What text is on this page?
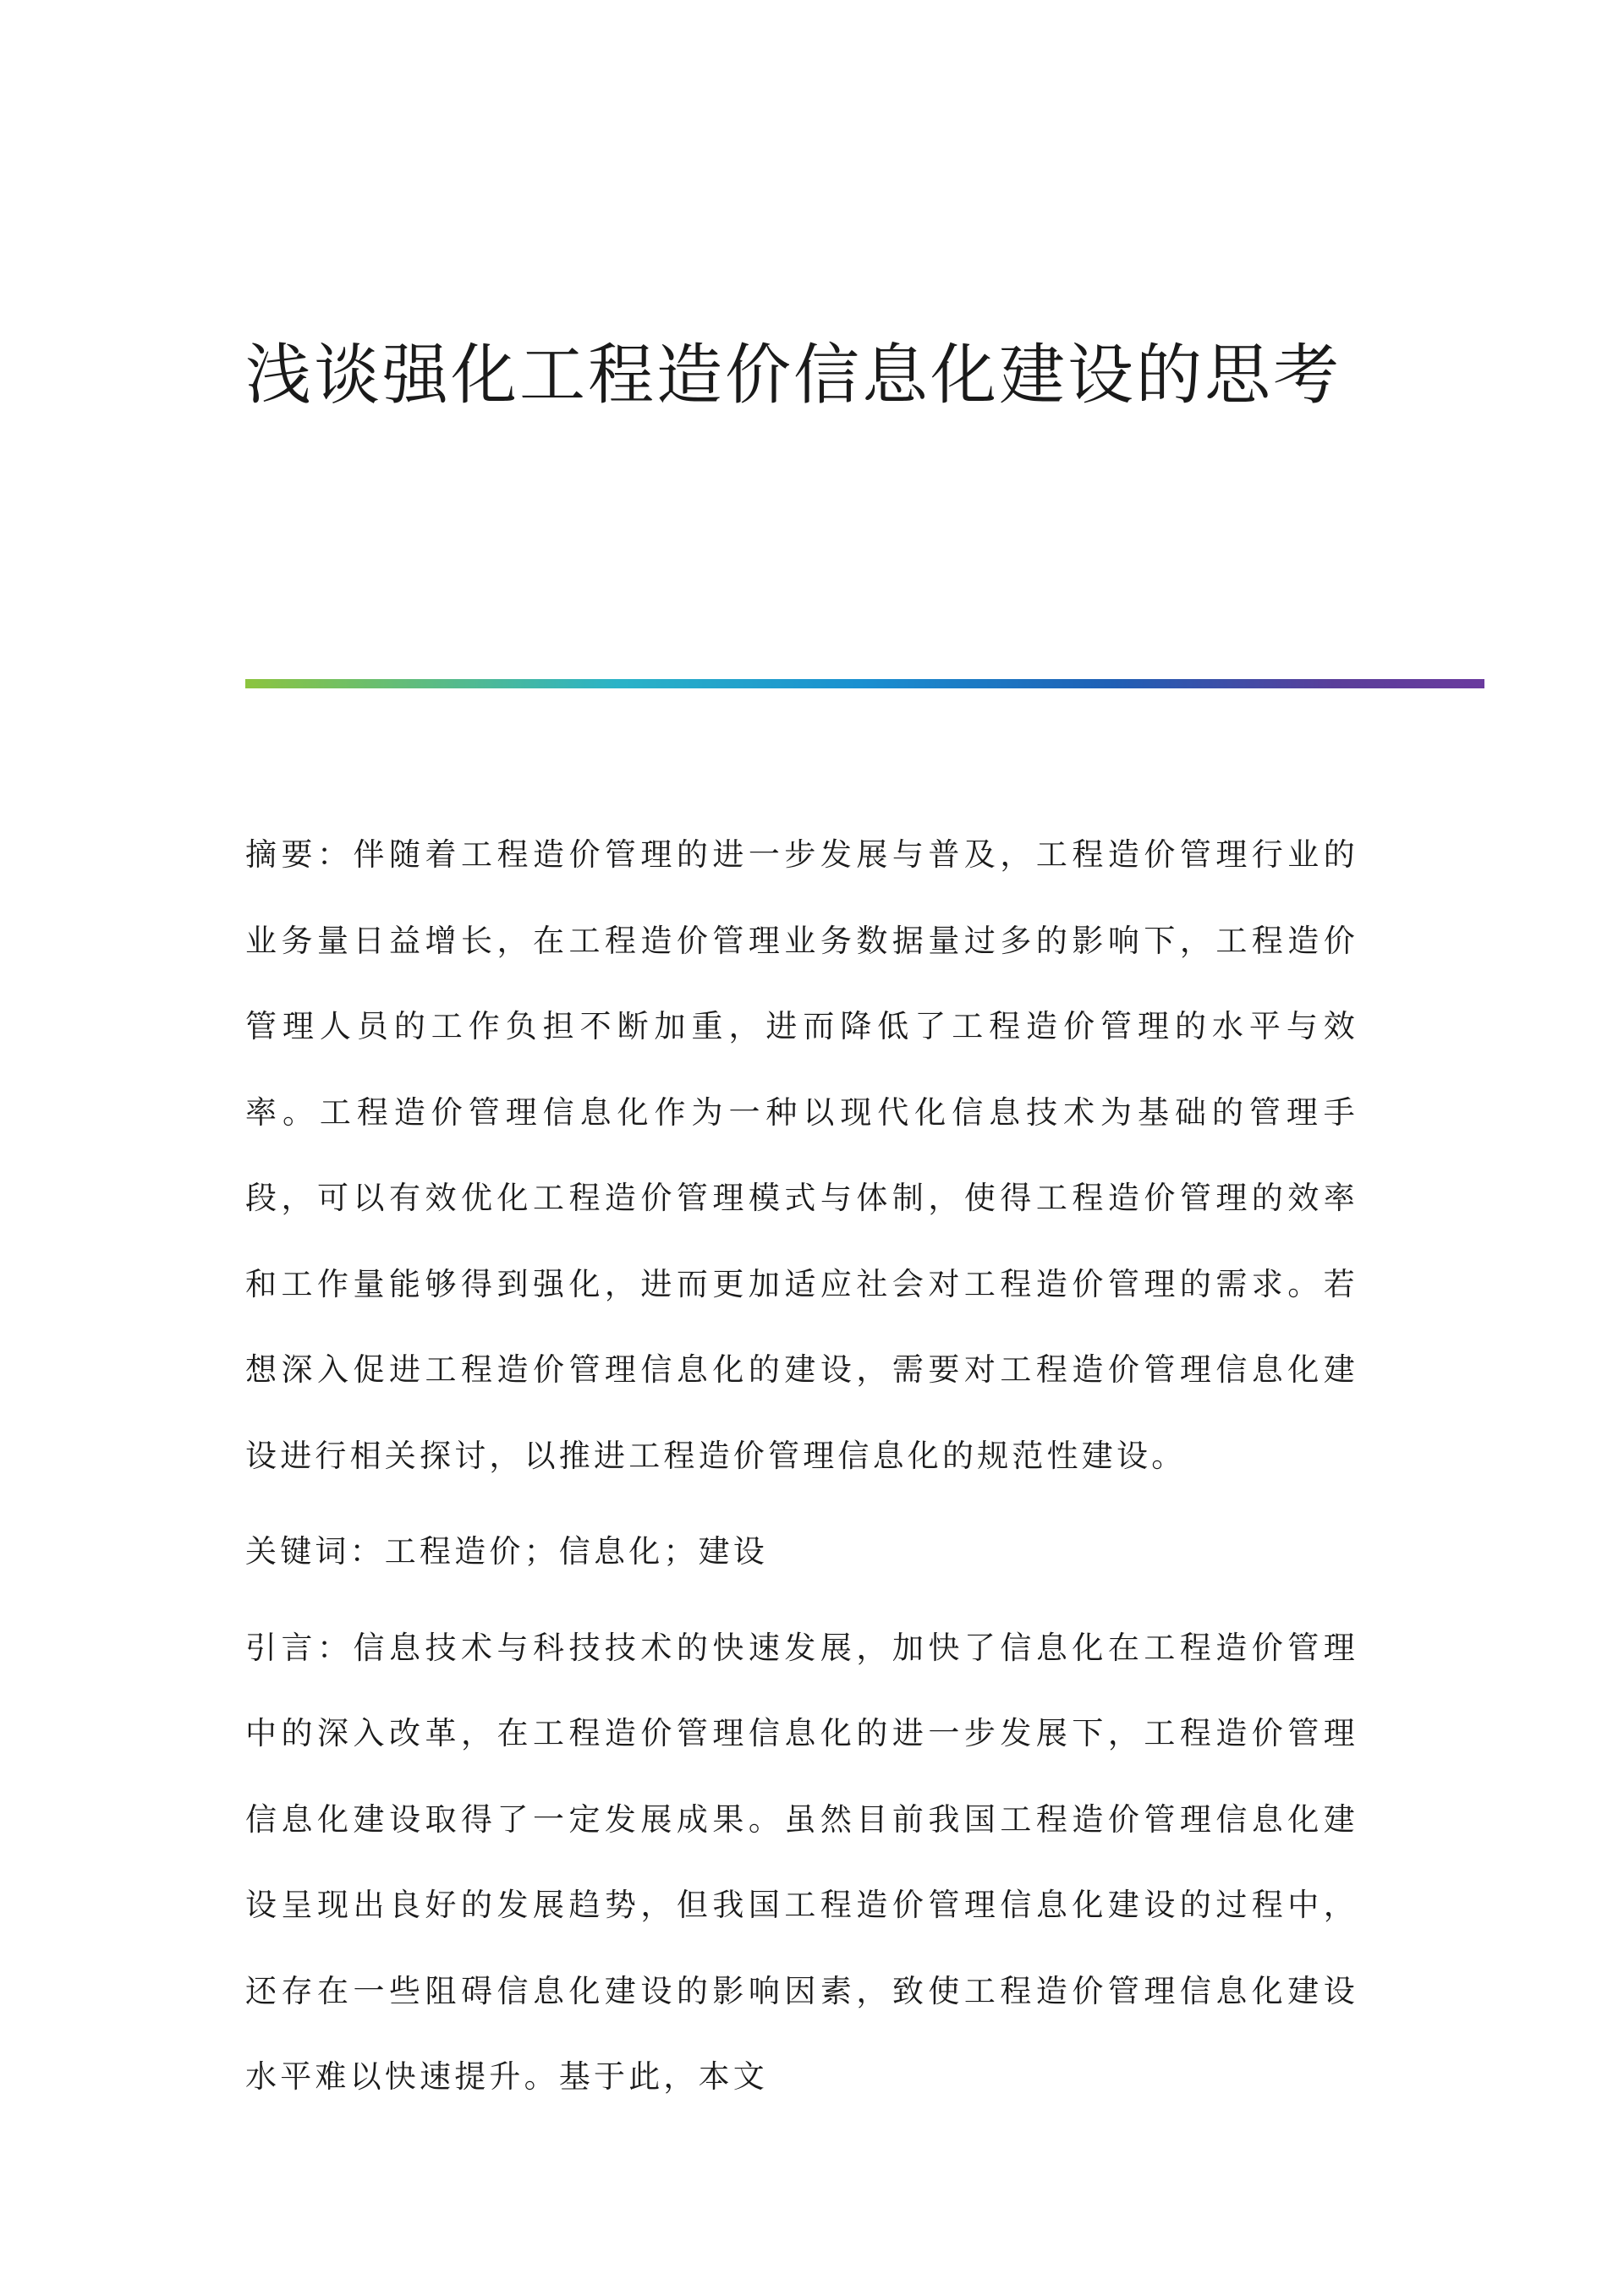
浅谈强化工程造价信息化建设的思考

摘要：伴随着工程造价管理的进一步发展与普及，工程造价管理行业的业务量日益增长，在工程造价管理业务数据量过多的影响下，工程造价管理人员的工作负担不断加重，进而降低了工程造价管理的水平与效率。工程造价管理信息化作为一种以现代化信息技术为基础的管理手段，可以有效优化工程造价管理模式与体制，使得工程造价管理的效率和工作量能够得到强化，进而更加适应社会对工程造价管理的需求。若想深入促进工程造价管理信息化的建设，需要对工程造价管理信息化建设进行相关探讨，以推进工程造价管理信息化的规范性建设。

关键词：工程造价；信息化；建设

引言：信息技术与科技技术的快速发展，加快了信息化在工程造价管理中的深入改革，在工程造价管理信息化的进一步发展下，工程造价管理信息化建设取得了一定发展成果。虽然目前我国工程造价管理信息化建设呈现出良好的发展趋势，但我国工程造价管理信息化建设的过程中，还存在一些阻碍信息化建设的影响因素，致使工程造价管理信息化建设水平难以快速提升。基于此，本文
